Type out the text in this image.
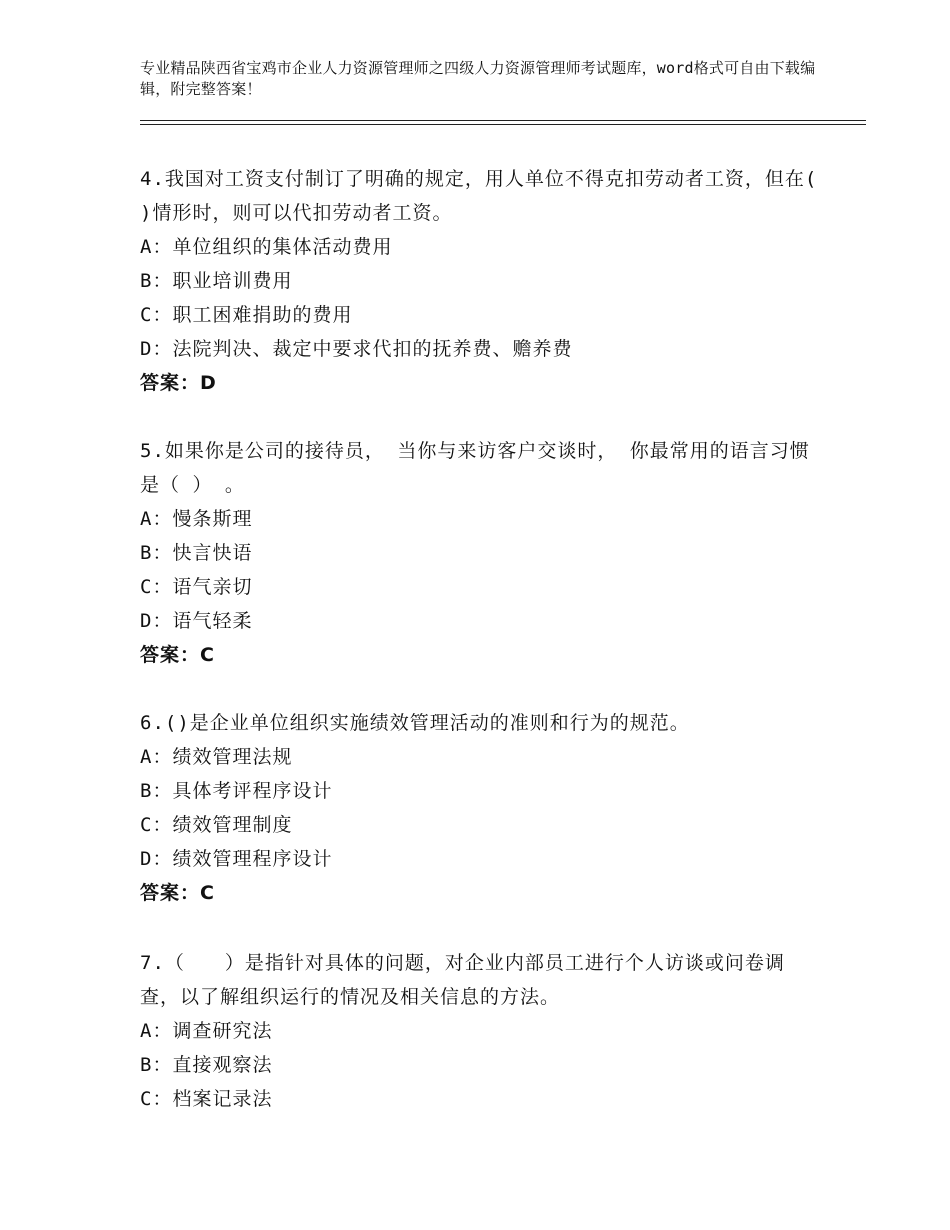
专业精品陕西省宝鸡市企业人力资源管理师之四级人力资源管理师考试题库，word格式可自由下载编辑，附完整答案！
4.我国对工资支付制订了明确的规定，用人单位不得克扣劳动者工资，但在( )情形时，则可以代扣劳动者工资。
A：单位组织的集体活动费用
B：职业培训费用
C：职工困难捐助的费用
D：法院判决、裁定中要求代扣的抚养费、赡养费
答案：D
5.如果你是公司的接待员， 当你与来访客户交谈时， 你最常用的语言习惯是（ ） 。
A：慢条斯理
B：快言快语
C：语气亲切
D：语气轻柔
答案：C
6.()是企业单位组织实施绩效管理活动的准则和行为的规范。
A：绩效管理法规
B：具体考评程序设计
C：绩效管理制度
D：绩效管理程序设计
答案：C
7.（　　）是指针对具体的问题，对企业内部员工进行个人访谈或问卷调查，以了解组织运行的情况及相关信息的方法。
A：调查研究法
B：直接观察法
C：档案记录法
